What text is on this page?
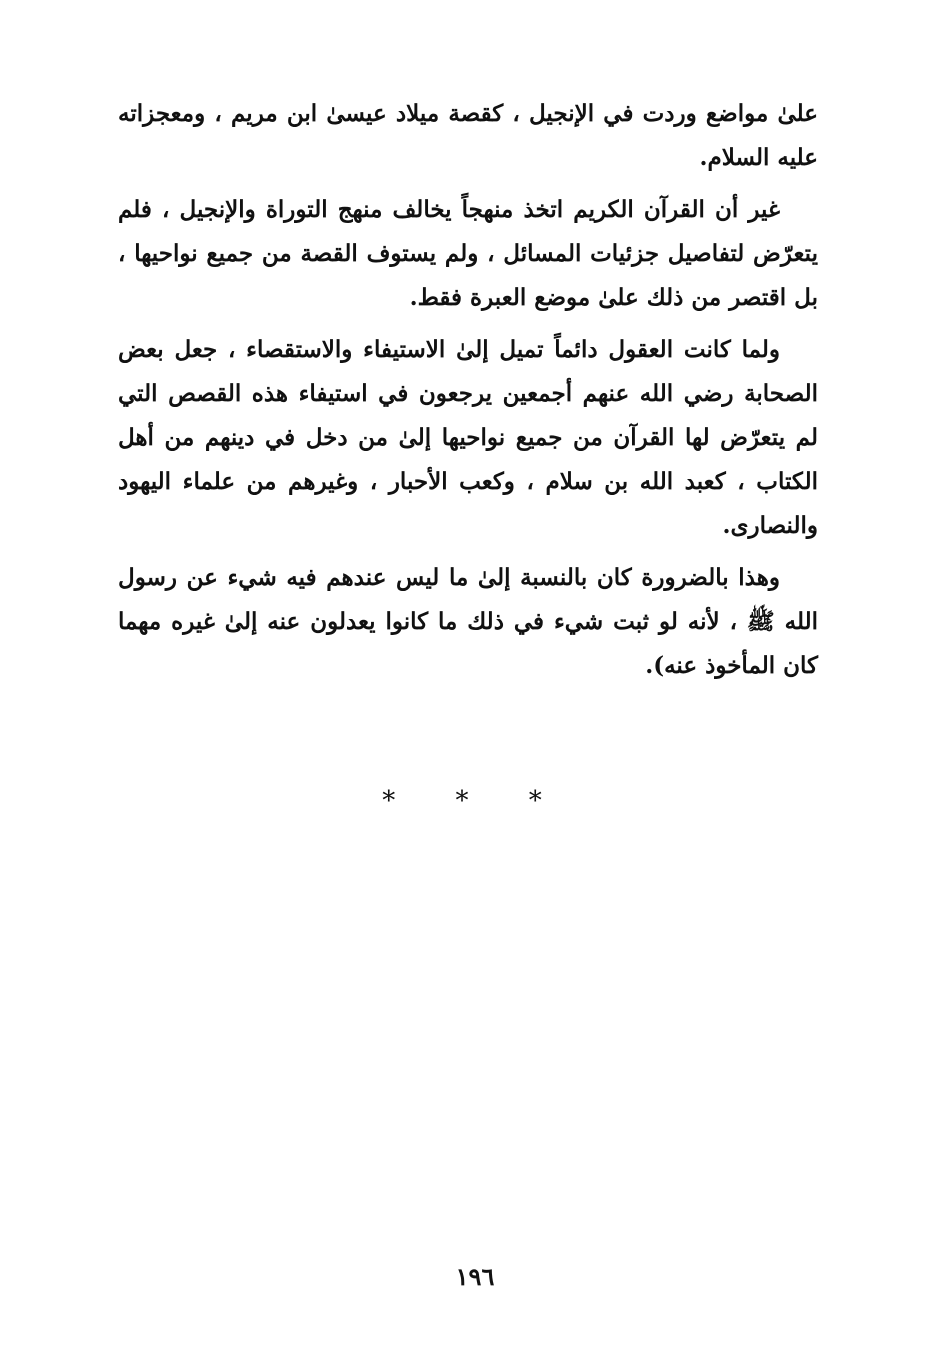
علىٰ مواضع وردت في الإنجيل ، كقصة ميلاد عيسىٰ ابن مريم ، ومعجزاته عليه السلام.

غير أن القرآن الكريم اتخذ منهجاً يخالف منهج التوراة والإنجيل ، فلم يتعرّض لتفاصيل جزئيات المسائل ، ولم يستوف القصة من جميع نواحيها ، بل اقتصر من ذلك علىٰ موضع العبرة فقط.

ولما كانت العقول دائماً تميل إلىٰ الاستيفاء والاستقصاء ، جعل بعض الصحابة رضي الله عنهم أجمعين يرجعون في استيفاء هذه القصص التي لم يتعرّض لها القرآن من جميع نواحيها إلىٰ من دخل في دينهم من أهل الكتاب ، كعبد الله بن سلام ، وكعب الأحبار ، وغيرهم من علماء اليهود والنصارى.

وهذا بالضرورة كان بالنسبة إلىٰ ما ليس عندهم فيه شيء عن رسول الله ﷺ ، لأنه لو ثبت شيء في ذلك ما كانوا يعدلون عنه إلىٰ غيره مهما كان المأخوذ عنه).

* * *
١٩٦
